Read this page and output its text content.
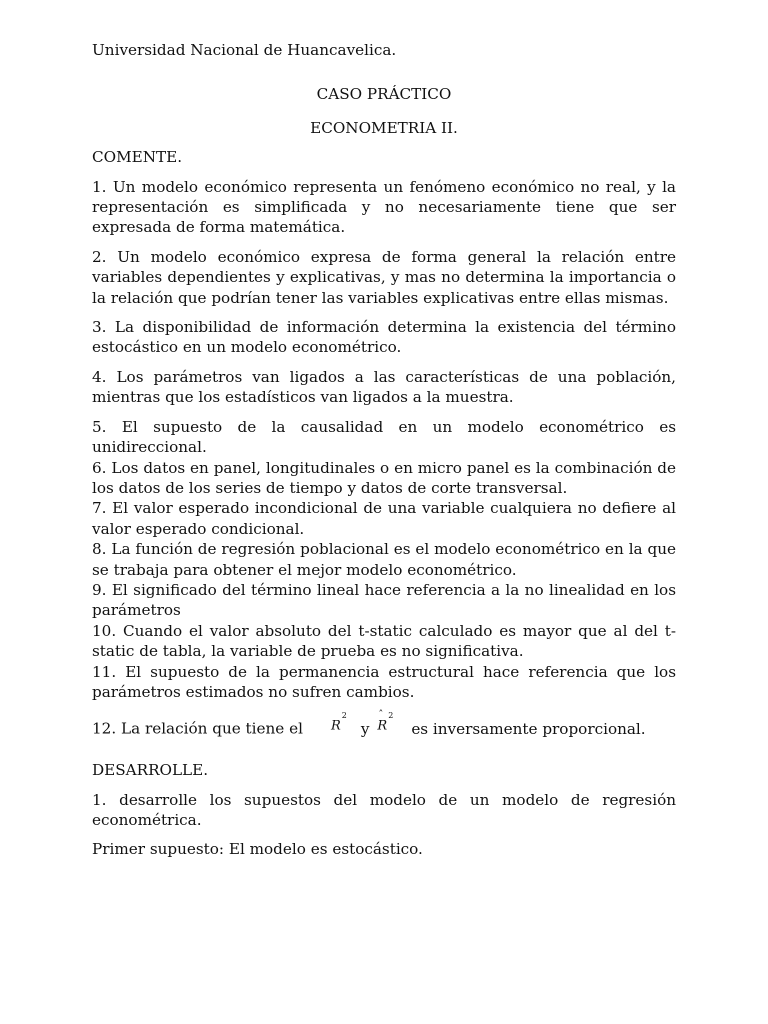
Universidad Nacional de Huancavelica.

CASO PRÁCTICO

ECONOMETRIA II.

COMENTE.

1. Un modelo económico representa un fenómeno económico no real, y la representación es simplificada y no necesariamente tiene que ser expresada de forma matemática.

2. Un modelo económico expresa de forma general la relación entre variables dependientes y explicativas, y mas no determina la importancia o la relación que podrían tener las variables explicativas entre ellas mismas.

3. La disponibilidad de información determina la existencia del término estocástico en un modelo econométrico.

4. Los parámetros van ligados a las características de una población, mientras que los estadísticos van ligados a la muestra.

5. El supuesto de la causalidad en un modelo econométrico es unidireccional.

6. Los datos en panel, longitudinales o en micro panel es la combinación de los datos de los series de tiempo y datos de corte transversal.

7. El valor esperado incondicional de una variable cualquiera no defiere al valor esperado condicional.

8. La función de regresión poblacional es el modelo econométrico en la que se trabaja para obtener el mejor modelo econométrico.

9. El significado del término lineal hace referencia a la no linealidad en los parámetros

10. Cuando el valor absoluto del t-static calculado es mayor que al del t-static de tabla, la variable de prueba es no significativa.

11. El supuesto de la permanencia estructural hace referencia que los parámetros estimados no sufren cambios.

12. La relación que tiene el $R^2y$
ˆ
$R^2es$ inversamente proporcional.

DESARROLLE.

1. desarrolle los supuestos del modelo de un modelo de regresión econométrica.

Primer supuesto: El modelo es estocástico.
